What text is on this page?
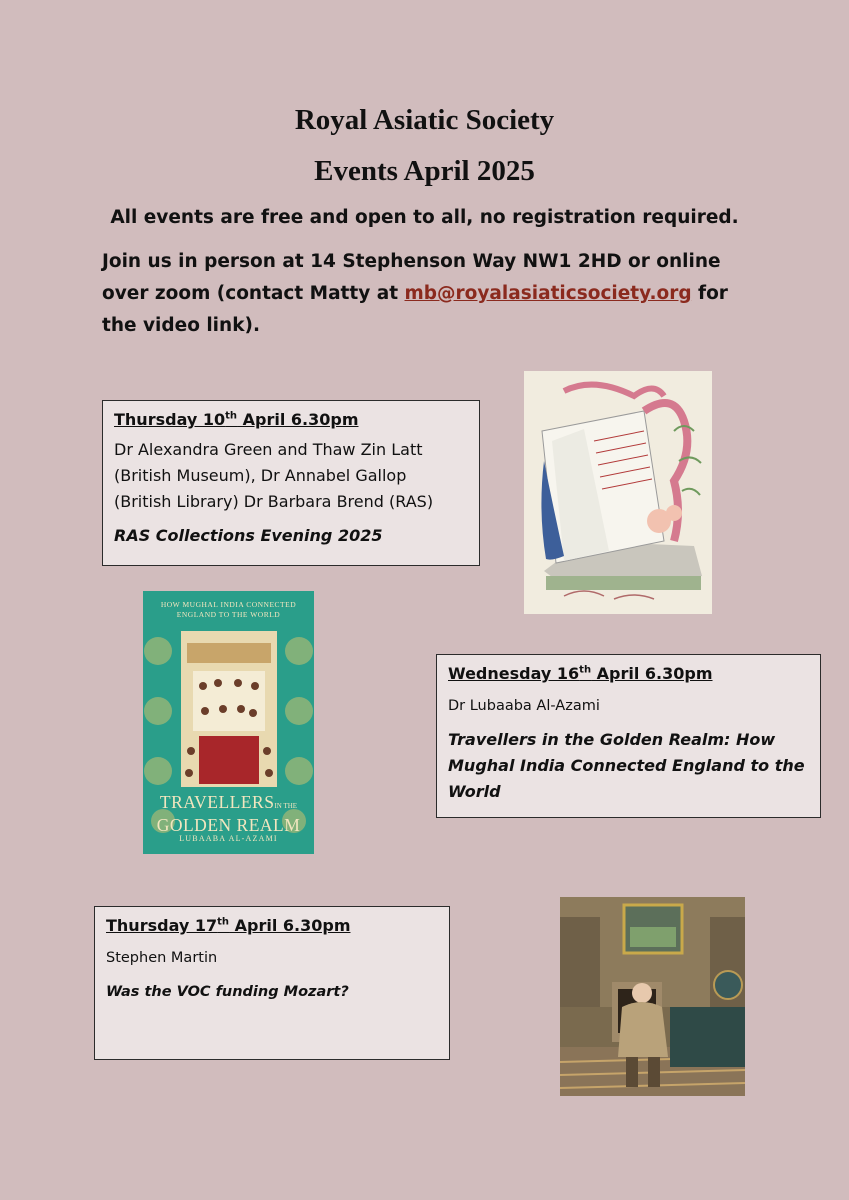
Royal Asiatic Society
Events April 2025
All events are free and open to all, no registration required.
Join us in person at 14 Stephenson Way NW1 2HD or online over zoom (contact Matty at mb@royalasiaticsociety.org for the video link).
Thursday 10th April 6.30pm
Dr Alexandra Green and Thaw Zin Latt (British Museum), Dr Annabel Gallop (British Library) Dr Barbara Brend (RAS)
RAS Collections Evening 2025
HOW MUGHAL INDIA CONNECTED ENGLAND TO THE WORLD
TRAVELLERSIN THE
GOLDEN REALM
LUBAABA AL-AZAMI
Wednesday 16th April 6.30pm
Dr Lubaaba Al-Azami
Travellers in the Golden Realm: How Mughal India Connected England to the World
Thursday 17th April 6.30pm
Stephen Martin
Was the VOC funding Mozart?
